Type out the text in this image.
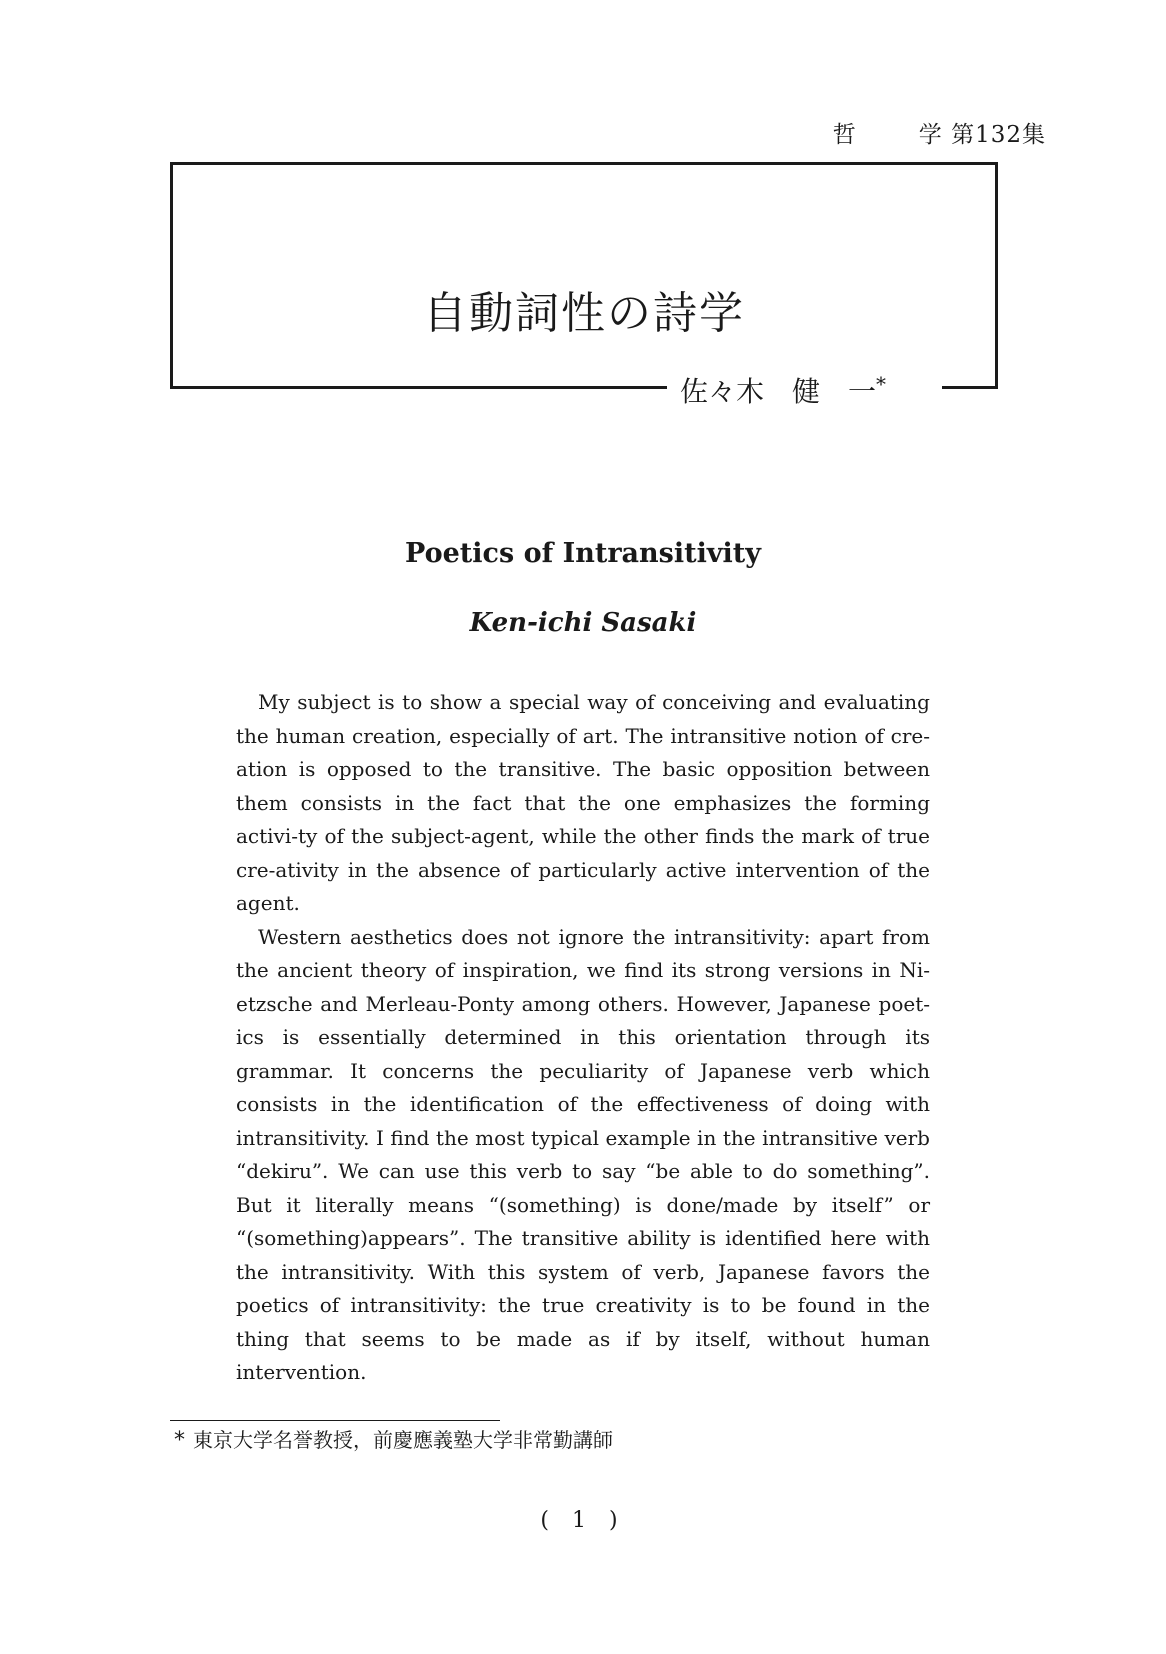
哲	学 第132集
自動詞性の詩学
佐々木　健　一*
Poetics of Intransitivity
Ken-ichi Sasaki

My subject is to show a special way of conceiving and evaluating the human creation, especially of art. The intransitive notion of cre-ation is opposed to the transitive. The basic opposition between them consists in the fact that the one emphasizes the forming activi-ty of the subject-agent, while the other finds the mark of true cre-ativity in the absence of particularly active intervention of the agent.

Western aesthetics does not ignore the intransitivity: apart from the ancient theory of inspiration, we find its strong versions in Ni-etzsche and Merleau-Ponty among others. However, Japanese poet-ics is essentially determined in this orientation through its grammar. It concerns the peculiarity of Japanese verb which consists in the identification of the effectiveness of doing with intransitivity. I find the most typical example in the intransitive verb “dekiru”. We can use this verb to say “be able to do something”. But it literally means “(something) is done/made by itself” or “(something)appears”. The transitive ability is identified here with the intransitivity. With this system of verb, Japanese favors the poetics of intransitivity: the true creativity is to be found in the thing that seems to be made as if by itself, without human intervention.

* 東京大学名誉教授，前慶應義塾大学非常勤講師
( 1 )
